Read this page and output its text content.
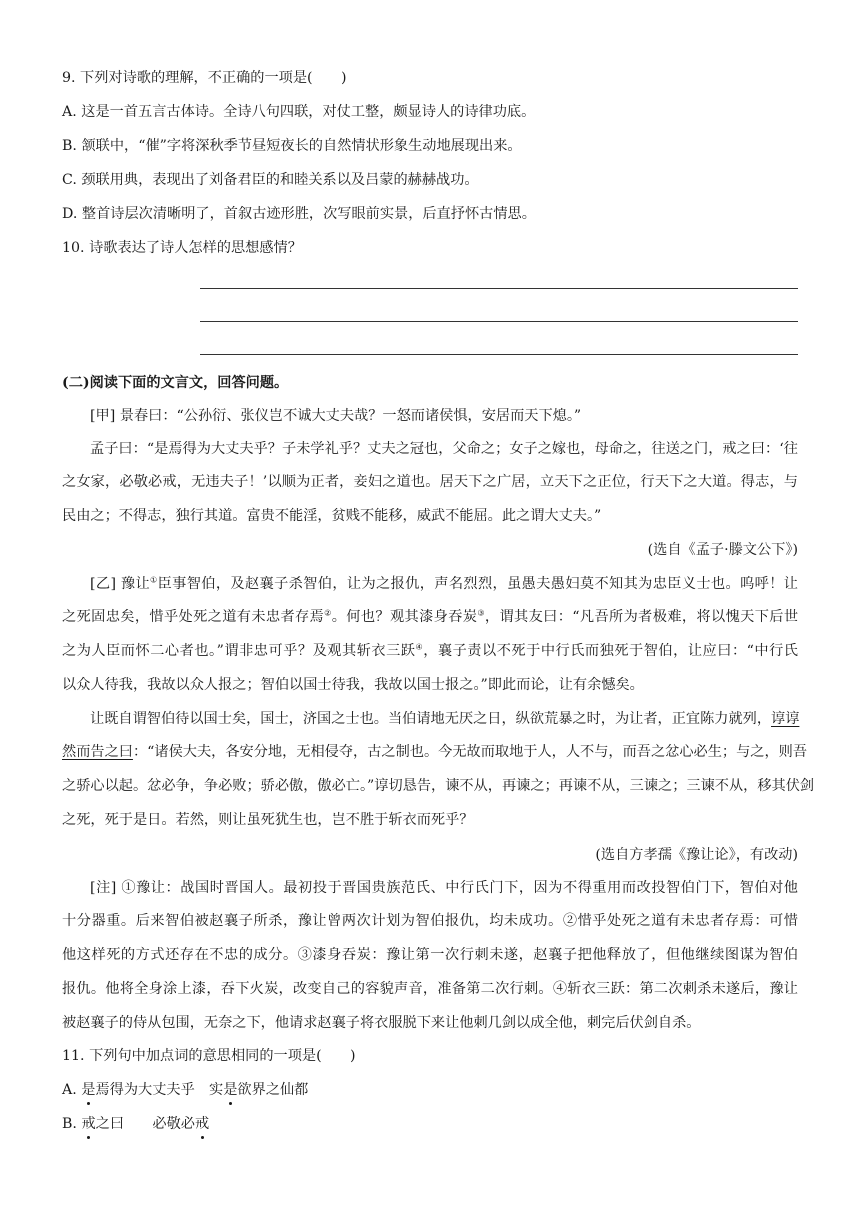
9. 下列对诗歌的理解，不正确的一项是(　　)
A. 这是一首五言古体诗。全诗八句四联，对仗工整，颇显诗人的诗律功底。
B. 颔联中，“催”字将深秋季节昼短夜长的自然情状形象生动地展现出来。
C. 颈联用典，表现出了刘备君臣的和睦关系以及吕蒙的赫赫战功。
D. 整首诗层次清晰明了，首叙古迹形胜，次写眼前实景，后直抒怀古情思。
10. 诗歌表达了诗人怎样的思想感情？
(二)阅读下面的文言文，回答问题。
[甲] 景春曰：“公孙衍、张仪岂不诚大丈夫哉？一怒而诸侯惧，安居而天下熄。”
孟子曰：“是焉得为大丈夫乎？子未学礼乎？丈夫之冠也，父命之；女子之嫁也，母命之，往送之门，戒之曰：‘往
之女家，必敬必戒，无违夫子！’以顺为正者，妾妇之道也。居天下之广居，立天下之正位，行天下之大道。得志，与
民由之；不得志，独行其道。富贵不能淫，贫贱不能移，威武不能屈。此之谓大丈夫。”
(选自《孟子·滕文公下》)
[乙] 豫让①臣事智伯，及赵襄子杀智伯，让为之报仇，声名烈烈，虽愚夫愚妇莫不知其为忠臣义士也。呜呼！让
之死固忠矣，惜乎处死之道有未忠者存焉②。何也？观其漆身吞炭③，谓其友曰：“凡吾所为者极难，将以愧天下后世
之为人臣而怀二心者也。”谓非忠可乎？及观其斩衣三跃④，襄子责以不死于中行氏而独死于智伯，让应曰：“中行氏
以众人待我，我故以众人报之；智伯以国士待我，我故以国士报之。”即此而论，让有余憾矣。
让既自谓智伯待以国士矣，国士，济国之士也。当伯请地无厌之日，纵欲荒暴之时，为让者，正宜陈力就列，谆谆
然而告之曰：“诸侯大夫，各安分地，无相侵夺，古之制也。今无故而取地于人，人不与，而吾之忿心必生；与之，则吾
之骄心以起。忿必争，争必败；骄必傲，傲必亡。”谆切恳告，谏不从，再谏之；再谏不从，三谏之；三谏不从，移其伏剑
之死，死于是日。若然，则让虽死犹生也，岂不胜于斩衣而死乎？
(选自方孝孺《豫让论》，有改动)
[注] ①豫让：战国时晋国人。最初投于晋国贵族范氏、中行氏门下，因为不得重用而改投智伯门下，智伯对他
十分器重。后来智伯被赵襄子所杀，豫让曾两次计划为智伯报仇，均未成功。②惜乎处死之道有未忠者存焉：可惜
他这样死的方式还存在不忠的成分。③漆身吞炭：豫让第一次行刺未遂，赵襄子把他释放了，但他继续图谋为智伯
报仇。他将全身涂上漆，吞下火炭，改变自己的容貌声音，准备第二次行刺。④斩衣三跃：第二次刺杀未遂后，豫让
被赵襄子的侍从包围，无奈之下，他请求赵襄子将衣服脱下来让他刺几剑以成全他，刺完后伏剑自杀。
11. 下列句中加点词的意思相同的一项是(　　)
A. 是焉得为大丈夫乎　实是欲界之仙都
B. 戒之曰　　必敬必戒
